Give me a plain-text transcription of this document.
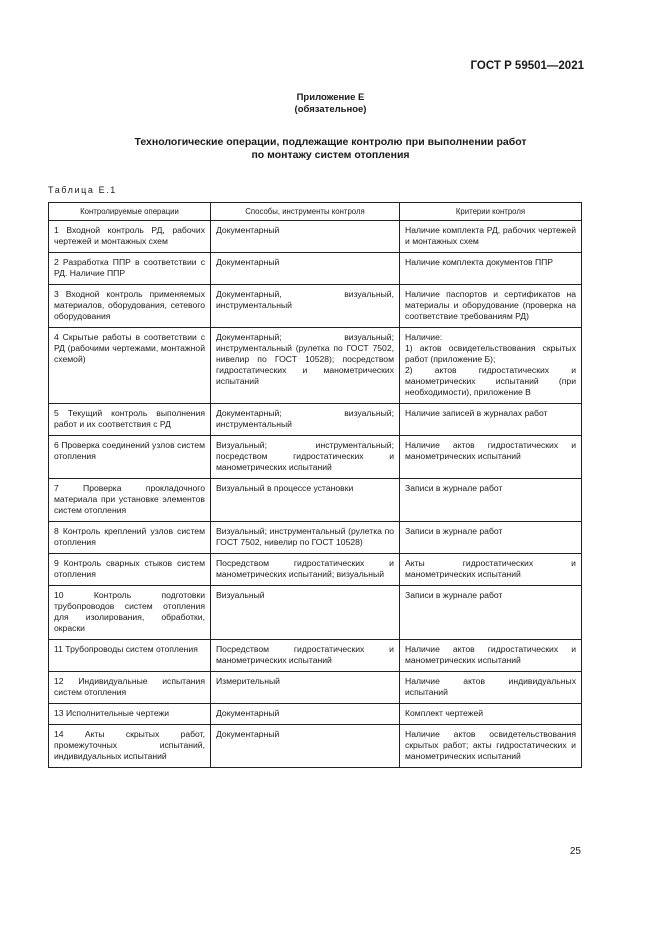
ГОСТ Р 59501—2021
Приложение Е
(обязательное)
Технологические операции, подлежащие контролю при выполнении работ
по монтажу систем отопления
Таблица Е.1
Контролируемые операции	Способы, инструменты контроля	Критерии контроля
1 Входной контроль РД, рабочих чертежей и монтажных схем	Документарный	Наличие комплекта РД, рабочих чертежей и монтажных схем
2 Разработка ППР в соответствии с РД. Наличие ППР	Документарный	Наличие комплекта документов ППР
3 Входной контроль применяемых материалов, оборудования, сетевого оборудования	Документарный, визуальный, инструментальный	Наличие паспортов и сертификатов на материалы и оборудование (проверка на соответствие требованиям РД)
4 Скрытые работы в соответствии с РД (рабочими чертежами, монтажной схемой)	Документарный; визуальный; инструментальный (рулетка по ГОСТ 7502, нивелир по ГОСТ 10528); посредством гидростатических и манометрических испытаний	Наличие:
1) актов освидетельствования скрытых работ (приложение Б);
2) актов гидростатических и манометрических испытаний (при необходимости), приложение В
5 Текущий контроль выполнения работ и их соответствия с РД	Документарный; визуальный; инструментальный	Наличие записей в журналах работ
6 Проверка соединений узлов систем отопления	Визуальный; инструментальный; посредством гидростатических и манометрических испытаний	Наличие актов гидростатических и манометрических испытаний
7 Проверка прокладочного материала при установке элементов систем отопления	Визуальный в процессе установки	Записи в журнале работ
8 Контроль креплений узлов систем отопления	Визуальный; инструментальный (рулетка по ГОСТ 7502, нивелир по ГОСТ 10528)	Записи в журнале работ
9 Контроль сварных стыков систем отопления	Посредством гидростатических и манометрических испытаний; визуальный	Акты гидростатических и манометрических испытаний
10 Контроль подготовки трубопроводов систем отопления для изолирования, обработки, окраски	Визуальный	Записи в журнале работ
11 Трубопроводы систем отопления	Посредством гидростатических и манометрических испытаний	Наличие актов гидростатических и манометрических испытаний
12 Индивидуальные испытания систем отопления	Измерительный	Наличие актов индивидуальных испытаний
13 Исполнительные чертежи	Документарный	Комплект чертежей
14 Акты скрытых работ, промежуточных испытаний, индивидуальных испытаний	Документарный	Наличие актов освидетельствования скрытых работ; акты гидростатических и манометрических испытаний
25
